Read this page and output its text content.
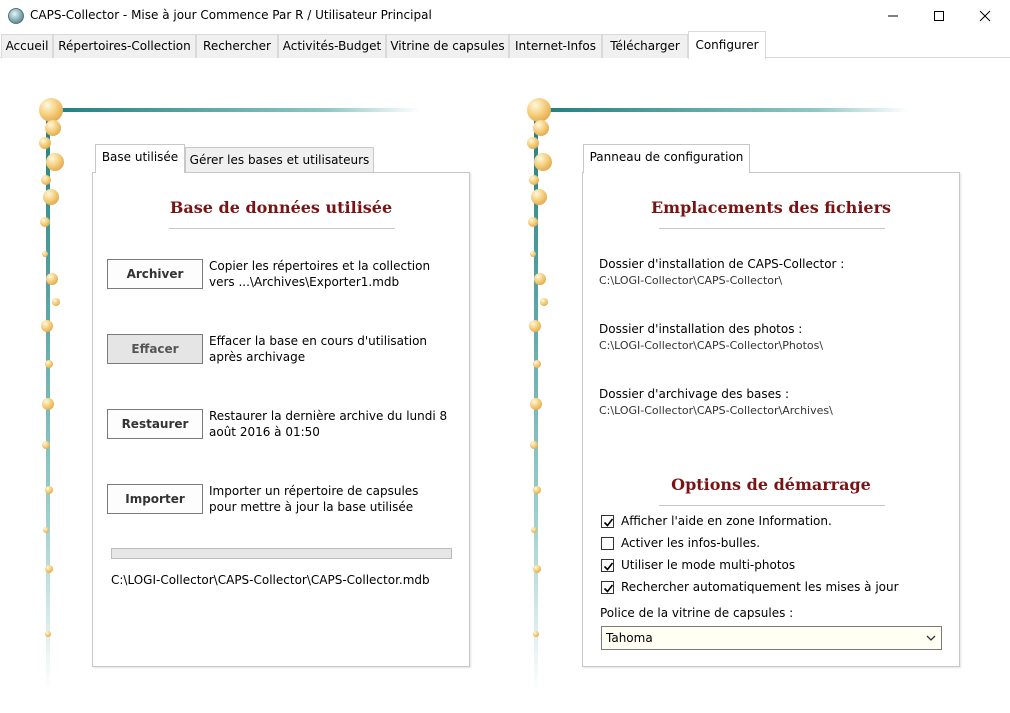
CAPS-Collector - Mise à jour Commence Par R / Utilisateur Principal
Accueil Répertoires-Collection	Rechercher Activités-Budget Vitrine de capsules Internet-Infos	Télécharger	Configurer
Base utilisée Gérer les bases et utilisateurs
Base de données utilisée
Archiver
Copier les répertoires et la collection vers ...\Archives\Exporter1.mdb
Effacer
Effacer la base en cours d'utilisation après archivage
Restaurer
Restaurer la dernière archive du lundi 8 août 2016 à 01:50
Importer
Importer un répertoire de capsules pour mettre à jour la base utilisée
C:\LOGI-Collector\CAPS-Collector\CAPS-Collector.mdb
Panneau de configuration
Emplacements des fichiers
Dossier d'installation de CAPS-Collector :
C:\LOGI-Collector\CAPS-Collector\
Dossier d'installation des photos :
C:\LOGI-Collector\CAPS-Collector\Photos\
Dossier d'archivage des bases :
C:\LOGI-Collector\CAPS-Collector\Archives\
Options de démarrage
Afficher l'aide en zone Information.
Activer les infos-bulles.
Utiliser le mode multi-photos
Rechercher automatiquement les mises à jour
Police de la vitrine de capsules :
Tahoma
